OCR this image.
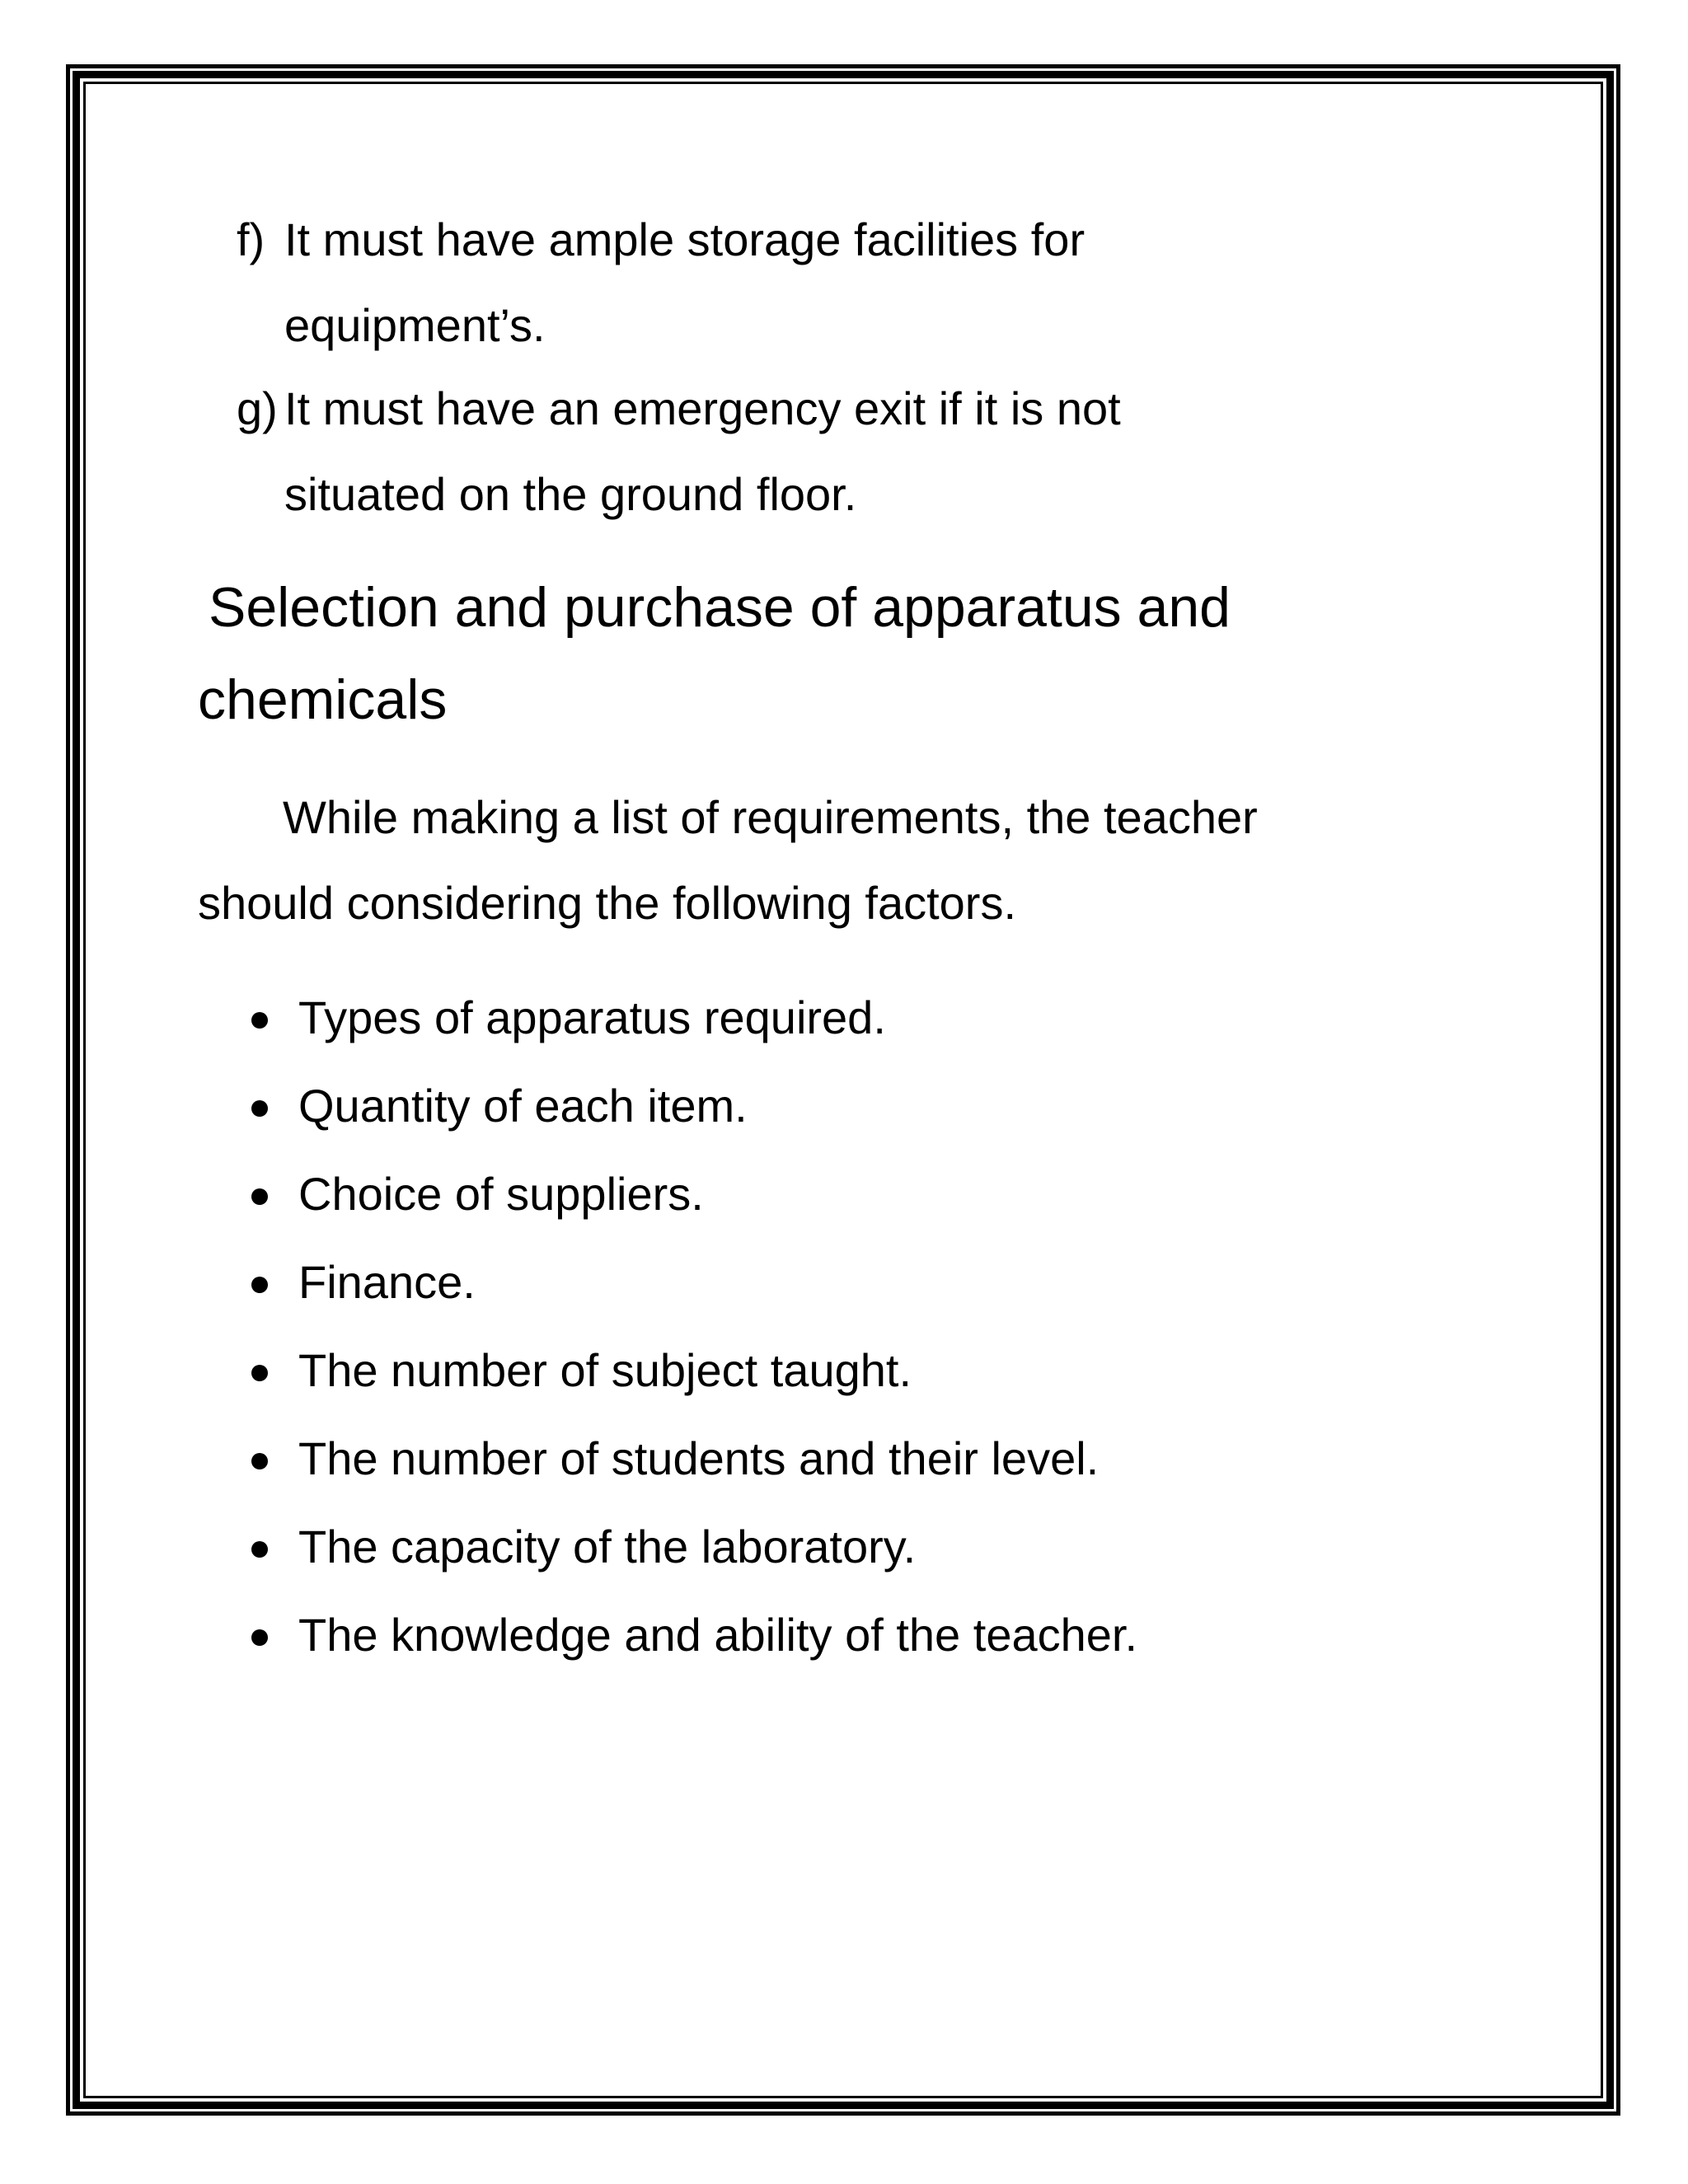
f) It must have ample storage facilities for
equipment’s.
g) It must have an emergency exit if it is not
situated on the ground floor.
Selection and purchase of apparatus and
chemicals
While making a list of requirements, the teacher
should considering the following factors.
Types of apparatus required.
Quantity of each item.
Choice of suppliers.
Finance.
The number of subject taught.
The number of students and their level.
The capacity of the laboratory.
The knowledge and ability of the teacher.
